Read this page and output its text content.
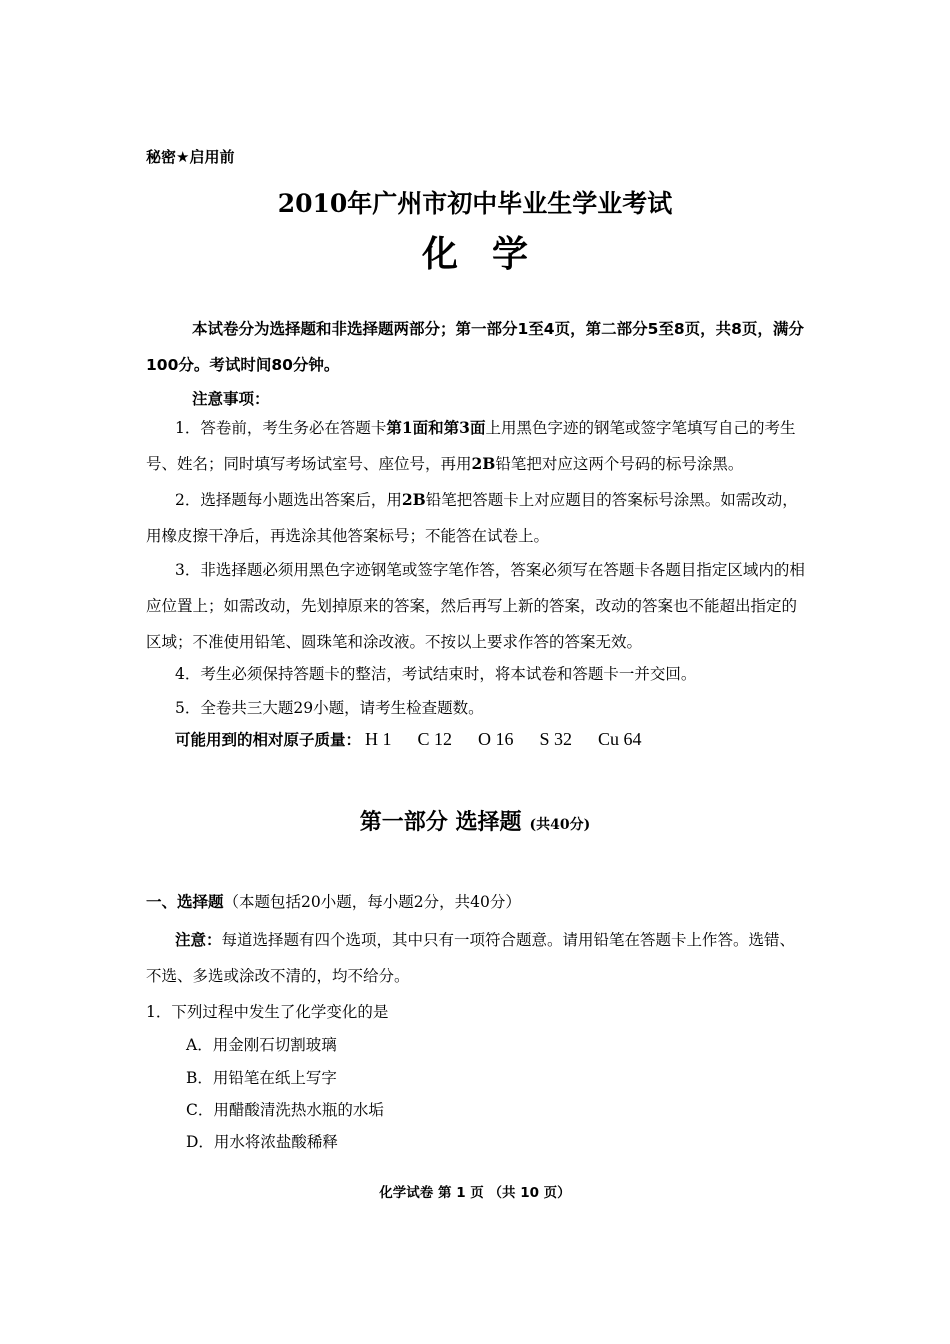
秘密★启用前
2010年广州市初中毕业生学业考试
化学
本试卷分为选择题和非选择题两部分；第一部分1至4页，第二部分5至8页，共8页，满分100分。考试时间80分钟。
注意事项：
1．答卷前，考生务必在答题卡第1面和第3面上用黑色字迹的钢笔或签字笔填写自己的考生号、姓名；同时填写考场试室号、座位号，再用2B铅笔把对应这两个号码的标号涂黑。
2．选择题每小题选出答案后，用2B铅笔把答题卡上对应题目的答案标号涂黑。如需改动，用橡皮擦干净后，再选涂其他答案标号；不能答在试卷上。
3．非选择题必须用黑色字迹钢笔或签字笔作答，答案必须写在答题卡各题目指定区域内的相应位置上；如需改动，先划掉原来的答案，然后再写上新的答案，改动的答案也不能超出指定的区域；不准使用铅笔、圆珠笔和涂改液。不按以上要求作答的答案无效。
4．考生必须保持答题卡的整洁，考试结束时，将本试卷和答题卡一并交回。
5．全卷共三大题29小题，请考生检查题数。
可能用到的相对原子质量： H 1 C 12 O 16 S 32 Cu 64
第一部分 选择题 (共40分)
一、选择题（本题包括20小题，每小题2分，共40分）
注意：每道选择题有四个选项，其中只有一项符合题意。请用铅笔在答题卡上作答。选错、不选、多选或涂改不清的，均不给分。
1．下列过程中发生了化学变化的是
A．用金刚石切割玻璃
B．用铅笔在纸上写字
C．用醋酸清洗热水瓶的水垢
D．用水将浓盐酸稀释
化学试卷 第 1 页 （共 10 页）
